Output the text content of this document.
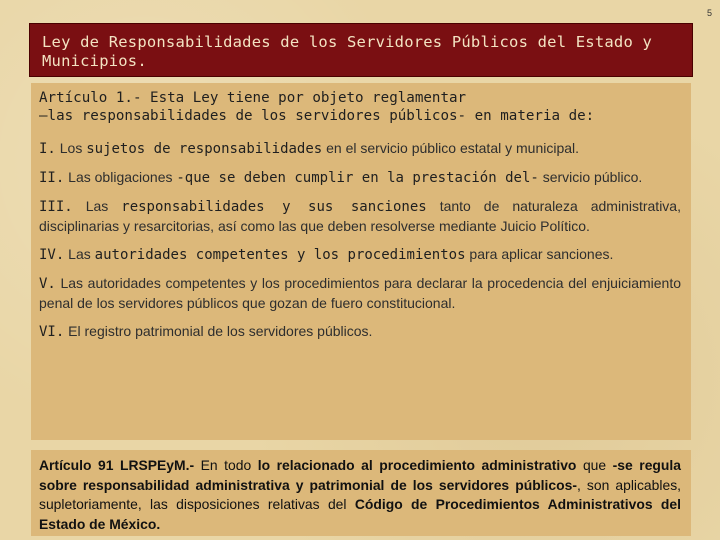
5
Ley de Responsabilidades de los Servidores Públicos del Estado y Municipios.
Artículo 1.- Esta Ley tiene por objeto reglamentar
–las responsabilidades de los servidores públicos- en materia de:
I. Los sujetos de responsabilidades en el servicio público estatal y municipal.
II. Las obligaciones -que se deben cumplir en la prestación del- servicio público.
III. Las responsabilidades y sus sanciones tanto de naturaleza administrativa, disciplinarias y resarcitorias, así como las que deben resolverse mediante Juicio Político.
IV. Las autoridades competentes y los procedimientos para aplicar sanciones.
V. Las autoridades competentes y los procedimientos para declarar la procedencia del enjuiciamiento penal de los servidores públicos que gozan de fuero constitucional.
VI. El registro patrimonial de los servidores públicos.
Artículo 91 LRSPEyM.- En todo lo relacionado al procedimiento administrativo que -se regula sobre responsabilidad administrativa y patrimonial de los servidores públicos-, son aplicables, supletoriamente, las disposiciones relativas del Código de Procedimientos Administrativos del Estado de México.
